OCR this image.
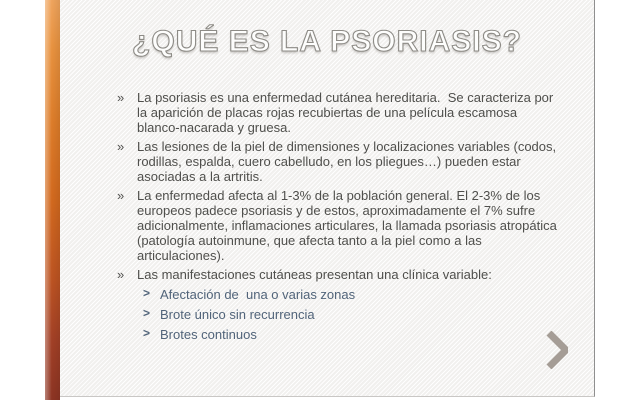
¿QUÉ ES LA PSORIASIS?
» La psoriasis es una enfermedad cutánea hereditaria.  Se caracteriza por la aparición de placas rojas recubiertas de una película escamosa blanco-nacarada y gruesa.
» Las lesiones de la piel de dimensiones y localizaciones variables (codos, rodillas, espalda, cuero cabelludo, en los pliegues…) pueden estar asociadas a la artritis.
» La enfermedad afecta al 1-3% de la población general. El 2-3% de los europeos padece psoriasis y de estos, aproximadamente el 7% sufre adicionalmente, inflamaciones articulares, la llamada psoriasis atropática (patología autoinmune, que afecta tanto a la piel como a las articulaciones).
» Las manifestaciones cutáneas presentan una clínica variable:
> Afectación de  una o varias zonas
> Brote único sin recurrencia
> Brotes continuos
